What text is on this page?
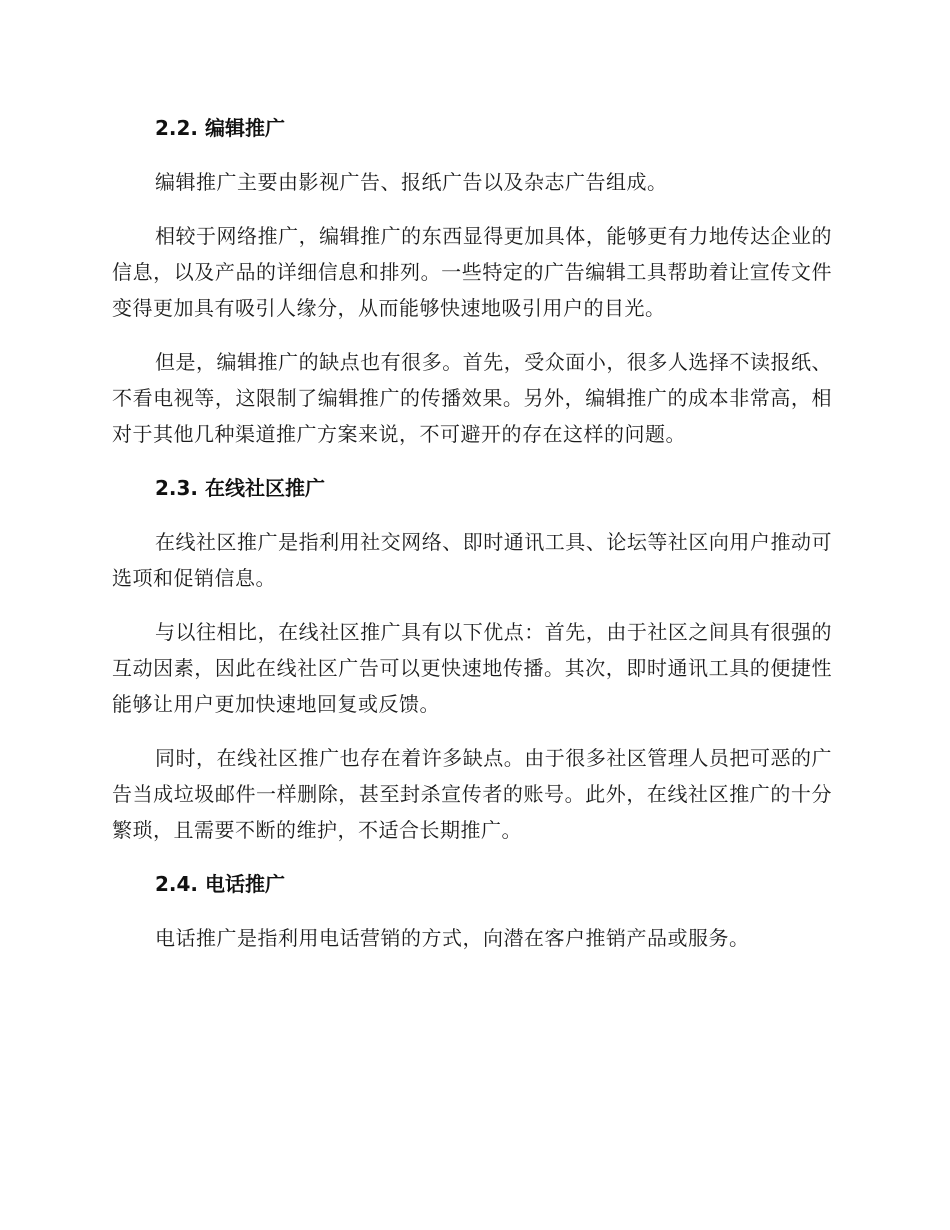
2.2. 编辑推广

编辑推广主要由影视广告、报纸广告以及杂志广告组成。

相较于网络推广，编辑推广的东西显得更加具体，能够更有力地传达企业的信息，以及产品的详细信息和排列。一些特定的广告编辑工具帮助着让宣传文件变得更加具有吸引人缘分，从而能够快速地吸引用户的目光。

但是，编辑推广的缺点也有很多。首先，受众面小，很多人选择不读报纸、不看电视等，这限制了编辑推广的传播效果。另外，编辑推广的成本非常高，相对于其他几种渠道推广方案来说，不可避开的存在这样的问题。

2.3. 在线社区推广

在线社区推广是指利用社交网络、即时通讯工具、论坛等社区向用户推动可选项和促销信息。

与以往相比，在线社区推广具有以下优点：首先，由于社区之间具有很强的互动因素，因此在线社区广告可以更快速地传播。其次，即时通讯工具的便捷性能够让用户更加快速地回复或反馈。

同时，在线社区推广也存在着许多缺点。由于很多社区管理人员把可恶的广告当成垃圾邮件一样删除，甚至封杀宣传者的账号。此外，在线社区推广的十分繁琐，且需要不断的维护，不适合长期推广。

2.4. 电话推广

电话推广是指利用电话营销的方式，向潜在客户推销产品或服务。
